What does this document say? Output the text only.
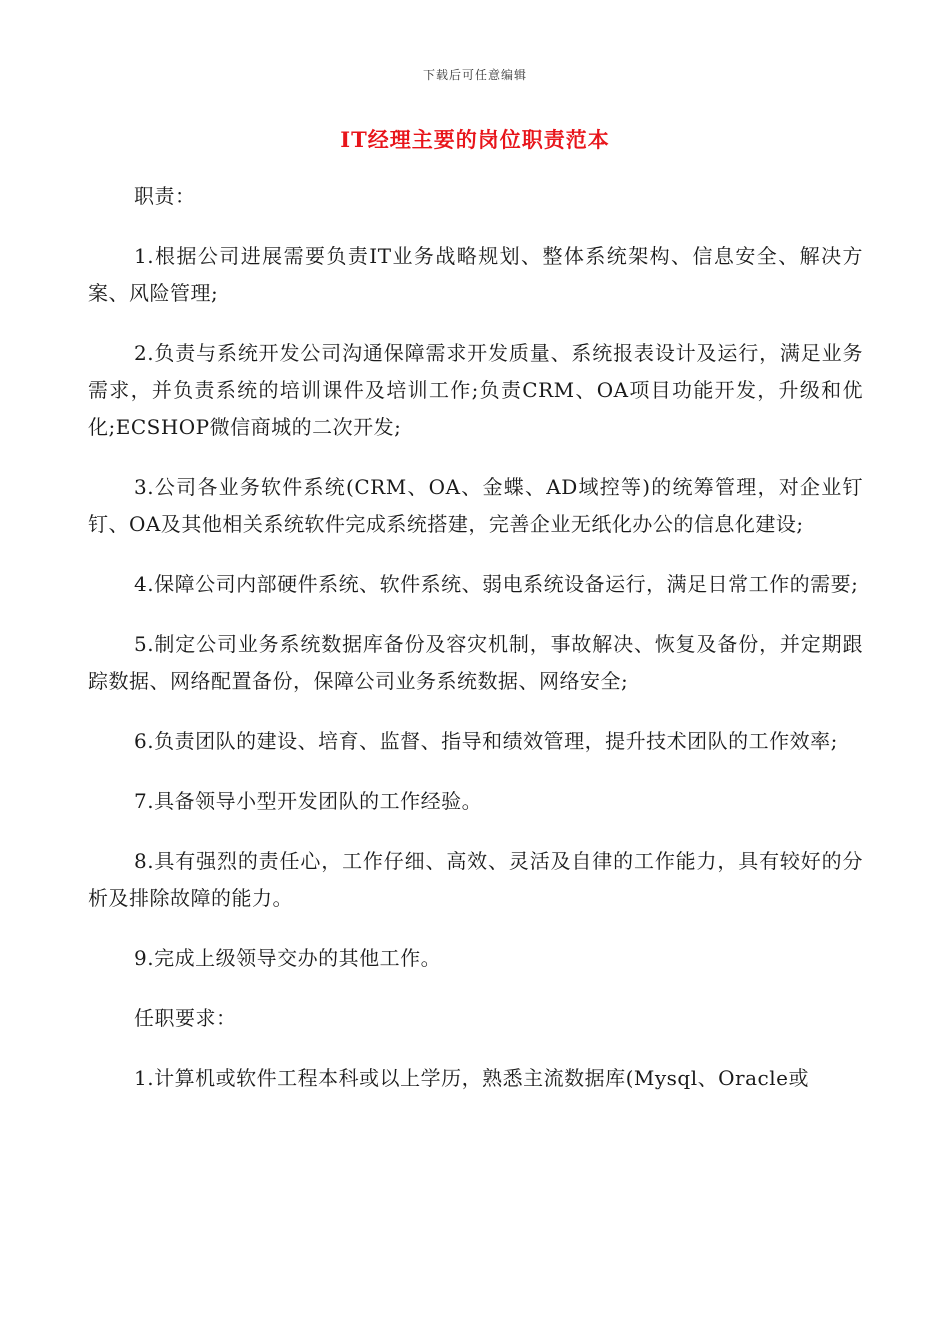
下载后可任意编辑
IT经理主要的岗位职责范本

职责：

1.根据公司进展需要负责IT业务战略规划、整体系统架构、信息安全、解决方案、风险管理;

2.负责与系统开发公司沟通保障需求开发质量、系统报表设计及运行，满足业务需求，并负责系统的培训课件及培训工作;负责CRM、OA项目功能开发，升级和优化;ECSHOP微信商城的二次开发;

3.公司各业务软件系统(CRM、OA、金蝶、AD域控等)的统筹管理，对企业钉钉、OA及其他相关系统软件完成系统搭建，完善企业无纸化办公的信息化建设;

4.保障公司内部硬件系统、软件系统、弱电系统设备运行，满足日常工作的需要;

5.制定公司业务系统数据库备份及容灾机制，事故解决、恢复及备份，并定期跟踪数据、网络配置备份，保障公司业务系统数据、网络安全;

6.负责团队的建设、培育、监督、指导和绩效管理，提升技术团队的工作效率;

7.具备领导小型开发团队的工作经验。

8.具有强烈的责任心，工作仔细、高效、灵活及自律的工作能力，具有较好的分析及排除故障的能力。

9.完成上级领导交办的其他工作。

任职要求：

1.计算机或软件工程本科或以上学历，熟悉主流数据库(Mysql、Oracle或
